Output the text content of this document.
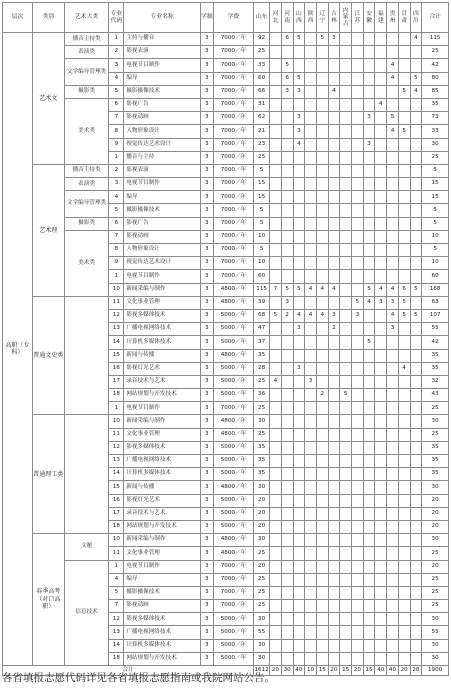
层次	类别	艺术大类	专业代码	专业名称	学制	学费	山东	河北	河南	山西	陕西	辽宁	吉林	内蒙古	江苏	安徽	福建	贵州	甘肃	四川	合计
高职（专科）	艺术文	播音主持类	1	主持与播音	3	7000／年	92		6	5		5	3							4	115
		表演类	2	影视表演	3	7000／年	25														25
		文学编导管理类	3	电视节目制作	3	7000／年	33		5									4			42
			4	编导	3	7000／年	60		6	5								4		5	80
		摄影类	5	摄影摄像技术	3	7000／年	66		3	3			4						5	4	85
		美术类	6	影视广告	3	7000／年	31										4				35
			7	影视动画	3	7000／年	62			3						3		5			73
			8	人物形象设计	3	7000／年	21			3								4	5		33
			9	视觉传达艺术设计	3	7000／年	23			4						3					30
			1	播音与主持	3	7000／年	25														25
	艺术理	播音主持类	2	影视表演	3	7000／年	5														5
		表演类	3	电视节目制作	3	7000／年	15														15
		文学编导管理类	4	编导	3	7000／年	15														15
			5	摄影摄像技术	3	7000／年	5														5
		摄影类	6	影视广告	3	7000／年	5														5
		美术类	7	影视动画	3	7000／年	10														10
			8	人物形象设计	3	7000／年	5														5
			9	视觉传达艺术设计	3	7000／年	10														10
			1	电视节目制作	3	7000／年	60														60
			10	新闻采编与制作	3	4800／年	115	7	5	5	4	4	4			5	4	4	6	5	168
	普通文史类		11	文化事业管理	3	4800／年	39		3						5	4	3	3	5		63
			12	影视多媒体技术	3	5000／年	68	5	2	4	4	4	3		3			4	5	5	107
			13	广播电视网络技术	3	5000／年	47			3			2					3			55
			14	计算机多媒体技术	3	5000／年	37									5					42
			15	新闻与传播	3	4800／年	35														35
			16	影视灯光艺术	3	5000／年	28			3									4		35
			17	录音技术与艺术	3	5000／年	25	4			3										32
			18	网站规划与开发技术	3	5000／年	36					2		5							43
			1	电视节目制作	3	7000／年	25														25
	普通理工类		10	新闻采编与制作	3	4800／年	30														30
			11	文化事业管理	3	4800／年	25														25
			12	影视多媒体技术	3	5000／年	35														35
			13	广播电视网络技术	3	5000／年	35														35
			14	计算机多媒体技术	3	5000／年	35														35
			15	新闻与传播	3	4800／年	30														30
			16	影视灯光艺术	3	5000／年	20														20
			17	录音技术与艺术	3	5000／年	20														20
			18	网站规划与开发技术	3	5000／年	20														20
	春季高考（对口高职）	文秘	10	新闻采编与制作	3	4800／年	30														30
			11	文化事业管理	3	4800／年	25														25
		信息技术	1	电视节目制作	3	7000／年	20														20
			4	编导	3	7000／年	25														25
			5	摄影摄像技术	3	7000／年	25														25
			7	影视动画	3	7000／年	25														25
			12	影视多媒体技术	3	5000／年	30														30
			13	广播电视网络技术	3	5000／年	55														55
			14	计算机多媒体技术	3	5000／年	30														30
			18	网站规划与开发技术	3	5000／年	30														30
合计							1612	20	30	40	10	15	20	15	20	15	40	40	20	28	1900
各省填报志愿代码详见各省填报志愿指南或我院网站公告。
